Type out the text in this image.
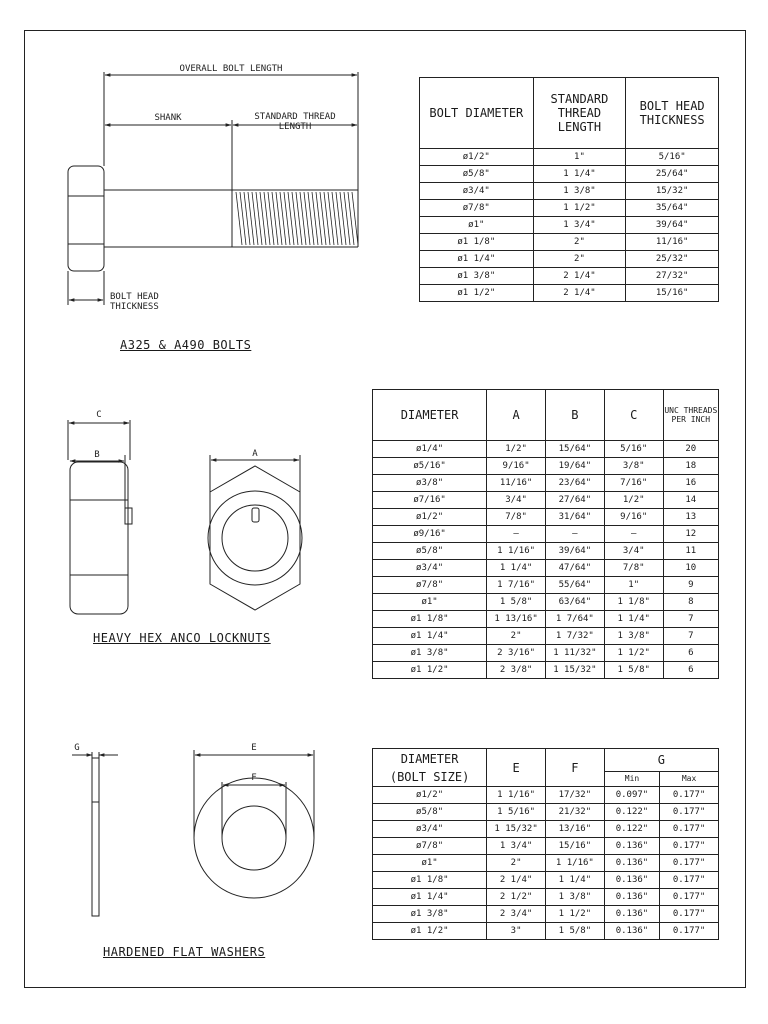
OVERALL BOLT LENGTH
SHANK	STANDARD THREAD
LENGTH
BOLT HEAD
THICKNESS
A325 & A490 BOLTS
C
B	A
HEAVY HEX ANCO LOCKNUTS
G	E
F
HARDENED FLAT WASHERS
BOLT DIAMETER	STANDARD THREAD LENGTH	BOLT HEAD THICKNESS
ø1/2"	1"	5/16"
ø5/8"	1 1/4"	25/64"
ø3/4"	1 3/8"	15/32"
ø7/8"	1 1/2"	35/64"
ø1"	1 3/4"	39/64"
ø1 1/8"	2"	11/16"
ø1 1/4"	2"	25/32"
ø1 3/8"	2 1/4"	27/32"
ø1 1/2"	2 1/4"	15/16"
DIAMETER	A	B	C	UNC THREADS PER INCH
ø1/4"	1/2"	15/64"	5/16"	20
ø5/16"	9/16"	19/64"	3/8"	18
ø3/8"	11/16"	23/64"	7/16"	16
ø7/16"	3/4"	27/64"	1/2"	14
ø1/2"	7/8"	31/64"	9/16"	13
ø9/16"	–	–	–	12
ø5/8"	1 1/16"	39/64"	3/4"	11
ø3/4"	1 1/4"	47/64"	7/8"	10
ø7/8"	1 7/16"	55/64"	1"	9
ø1"	1 5/8"	63/64"	1 1/8"	8
ø1 1/8"	1 13/16"	1 7/64"	1 1/4"	7
ø1 1/4"	2"	1 7/32"	1 3/8"	7
ø1 3/8"	2 3/16"	1 11/32"	1 1/2"	6
ø1 1/2"	2 3/8"	1 15/32"	1 5/8"	6
DIAMETER
(BOLT SIZE)	E	F	G	
			Min	Max
ø1/2"	1 1/16"	17/32"	0.097"	0.177"
ø5/8"	1 5/16"	21/32"	0.122"	0.177"
ø3/4"	1 15/32"	13/16"	0.122"	0.177"
ø7/8"	1 3/4"	15/16"	0.136"	0.177"
ø1"	2"	1 1/16"	0.136"	0.177"
ø1 1/8"	2 1/4"	1 1/4"	0.136"	0.177"
ø1 1/4"	2 1/2"	1 3/8"	0.136"	0.177"
ø1 3/8"	2 3/4"	1 1/2"	0.136"	0.177"
ø1 1/2"	3"	1 5/8"	0.136"	0.177"
